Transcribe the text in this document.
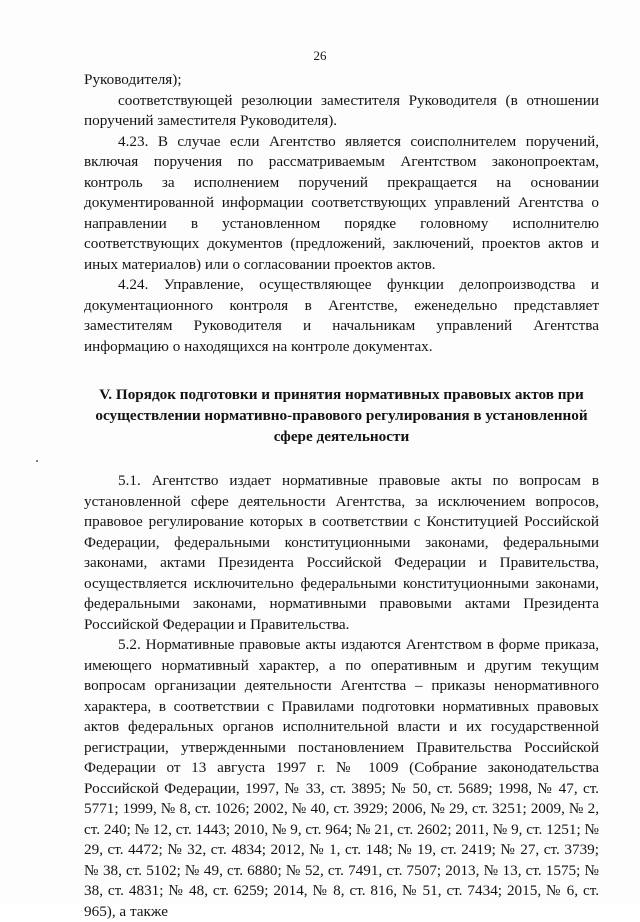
26

Руководителя);

соответствующей резолюции заместителя Руководителя (в отношении поручений заместителя Руководителя).

4.23. В случае если Агентство является соисполнителем поручений, включая поручения по рассматриваемым Агентством законопроектам, контроль за исполнением поручений прекращается на основании документированной информации соответствующих управлений Агентства о направлении в установленном порядке головному исполнителю соответствующих документов (предложений, заключений, проектов актов и иных материалов) или о согласовании проектов актов.

4.24. Управление, осуществляющее функции делопроизводства и документационного контроля в Агентстве, еженедельно представляет заместителям Руководителя и начальникам управлений Агентства информацию о находящихся на контроле документах.

V. Порядок подготовки и принятия нормативных правовых актов при
осуществлении нормативно-правового регулирования в установленной
сфере деятельности

5.1. Агентство издает нормативные правовые акты по вопросам в установленной сфере деятельности Агентства, за исключением вопросов, правовое регулирование которых в соответствии с Конституцией Российской Федерации, федеральными конституционными законами, федеральными законами, актами Президента Российской Федерации и Правительства, осуществляется исключительно федеральными конституционными законами, федеральными законами, нормативными правовыми актами Президента Российской Федерации и Правительства.

5.2. Нормативные правовые акты издаются Агентством в форме приказа, имеющего нормативный характер, а по оперативным и другим текущим вопросам организации деятельности Агентства – приказы ненормативного характера, в соответствии с Правилами подготовки нормативных правовых актов федеральных органов исполнительной власти и их государственной регистрации, утвержденными постановлением Правительства Российской Федерации от 13 августа 1997 г. № 1009 (Собрание законодательства Российской Федерации, 1997, № 33, ст. 3895; № 50, ст. 5689; 1998, № 47, ст. 5771; 1999, № 8, ст. 1026; 2002, № 40, ст. 3929; 2006, № 29, ст. 3251; 2009, № 2, ст. 240; № 12, ст. 1443; 2010, № 9, ст. 964; № 21, ст. 2602; 2011, № 9, ст. 1251; № 29, ст. 4472; № 32, ст. 4834; 2012, № 1, ст. 148; № 19, ст. 2419; № 27, ст. 3739; № 38, ст. 5102; № 49, ст. 6880; № 52, ст. 7491, ст. 7507; 2013, № 13, ст. 1575; № 38, ст. 4831; № 48, ст. 6259; 2014, № 8, ст. 816, № 51, ст. 7434; 2015, № 6, ст. 965), а также
